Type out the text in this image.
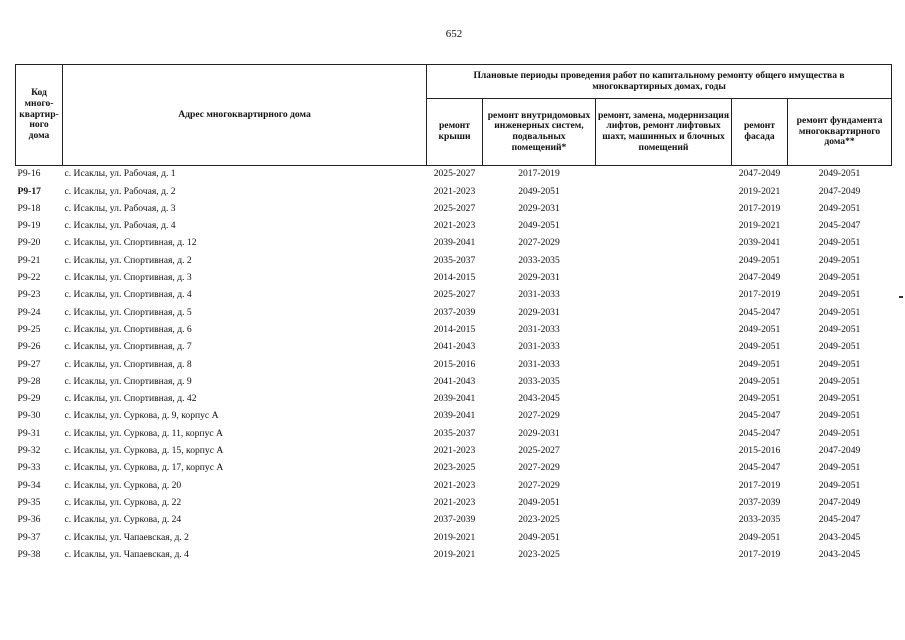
652
Код много-квартир-ного дома	Адрес многоквартирного дома	Плановые периоды проведения работ по капитальному ремонту общего имущества в многоквартирных домах, годы				
		ремонт крыши	ремонт внутридомовых инженерных систем, подвальных помещений*	ремонт, замена, модернизация лифтов, ремонт лифтовых шахт, машинных и блочных помещений	ремонт фасада	ремонт фундамента многоквартирного дома**
Р9-16	с. Исаклы, ул. Рабочая, д. 1	2025-2027	2017-2019		2047-2049	2049-2051
Р9-17	с. Исаклы, ул. Рабочая, д. 2	2021-2023	2049-2051		2019-2021	2047-2049
Р9-18	с. Исаклы, ул. Рабочая, д. 3	2025-2027	2029-2031		2017-2019	2049-2051
Р9-19	с. Исаклы, ул. Рабочая, д. 4	2021-2023	2049-2051		2019-2021	2045-2047
Р9-20	с. Исаклы, ул. Спортивная, д. 12	2039-2041	2027-2029		2039-2041	2049-2051
Р9-21	с. Исаклы, ул. Спортивная, д. 2	2035-2037	2033-2035		2049-2051	2049-2051
Р9-22	с. Исаклы, ул. Спортивная, д. 3	2014-2015	2029-2031		2047-2049	2049-2051
Р9-23	с. Исаклы, ул. Спортивная, д. 4	2025-2027	2031-2033		2017-2019	2049-2051
Р9-24	с. Исаклы, ул. Спортивная, д. 5	2037-2039	2029-2031		2045-2047	2049-2051
Р9-25	с. Исаклы, ул. Спортивная, д. 6	2014-2015	2031-2033		2049-2051	2049-2051
Р9-26	с. Исаклы, ул. Спортивная, д. 7	2041-2043	2031-2033		2049-2051	2049-2051
Р9-27	с. Исаклы, ул. Спортивная, д. 8	2015-2016	2031-2033		2049-2051	2049-2051
Р9-28	с. Исаклы, ул. Спортивная, д. 9	2041-2043	2033-2035		2049-2051	2049-2051
Р9-29	с. Исаклы, ул. Спортивная, д. 42	2039-2041	2043-2045		2049-2051	2049-2051
Р9-30	с. Исаклы, ул. Суркова, д. 9, корпус А	2039-2041	2027-2029		2045-2047	2049-2051
Р9-31	с. Исаклы, ул. Суркова, д. 11, корпус А	2035-2037	2029-2031		2045-2047	2049-2051
Р9-32	с. Исаклы, ул. Суркова, д. 15, корпус А	2021-2023	2025-2027		2015-2016	2047-2049
Р9-33	с. Исаклы, ул. Суркова, д. 17, корпус А	2023-2025	2027-2029		2045-2047	2049-2051
Р9-34	с. Исаклы, ул. Суркова, д. 20	2021-2023	2027-2029		2017-2019	2049-2051
Р9-35	с. Исаклы, ул. Суркова, д. 22	2021-2023	2049-2051		2037-2039	2047-2049
Р9-36	с. Исаклы, ул. Суркова, д. 24	2037-2039	2023-2025		2033-2035	2045-2047
Р9-37	с. Исаклы, ул. Чапаевская, д. 2	2019-2021	2049-2051		2049-2051	2043-2045
Р9-38	с. Исаклы, ул. Чапаевская, д. 4	2019-2021	2023-2025		2017-2019	2043-2045
